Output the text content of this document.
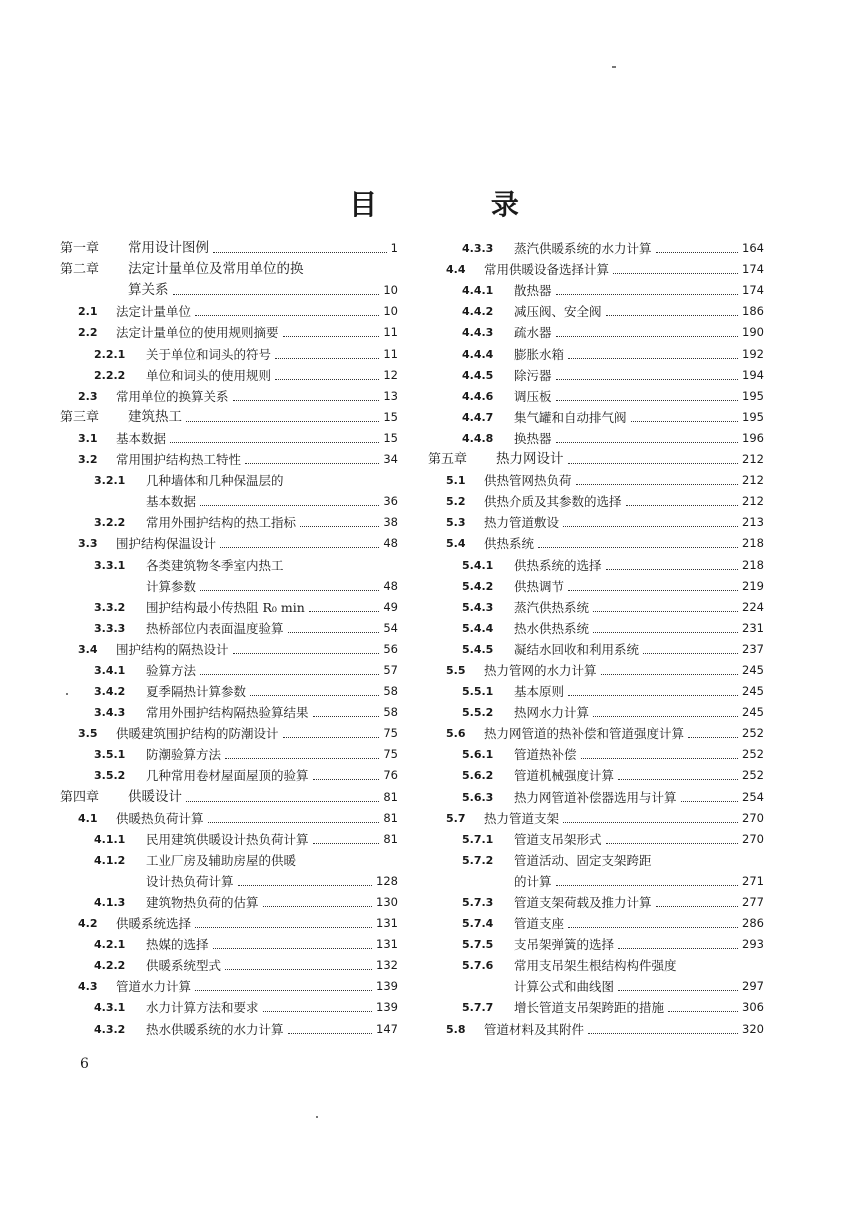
目 录
第一章	常用设计图例	1
第二章	法定计量单位及常用单位的换
算关系	10
2.1	法定计量单位	10
2.2	法定计量单位的使用规则摘要	11
2.2.1	关于单位和词头的符号	11
2.2.2	单位和词头的使用规则	12
2.3	常用单位的换算关系	13
第三章	建筑热工	15
3.1	基本数据	15
3.2	常用围护结构热工特性	34
3.2.1	几种墙体和几种保温层的
基本数据	36
3.2.2	常用外围护结构的热工指标	38
3.3	围护结构保温设计	48
3.3.1	各类建筑物冬季室内热工
计算参数	48
3.3.2	围护结构最小传热阻 R₀ min	49
3.3.3	热桥部位内表面温度验算	54
3.4	围护结构的隔热设计	56
3.4.1	验算方法	57
3.4.2	夏季隔热计算参数	58
3.4.3	常用外围护结构隔热验算结果	58
3.5	供暖建筑围护结构的防潮设计	75
3.5.1	防潮验算方法	75
3.5.2	几种常用卷材屋面屋顶的验算	76
第四章	供暖设计	81
4.1	供暖热负荷计算	81
4.1.1	民用建筑供暖设计热负荷计算	81
4.1.2	工业厂房及辅助房屋的供暖
设计热负荷计算	128
4.1.3	建筑物热负荷的估算	130
4.2	供暖系统选择	131
4.2.1	热媒的选择	131
4.2.2	供暖系统型式	132
4.3	管道水力计算	139
4.3.1	水力计算方法和要求	139
4.3.2	热水供暖系统的水力计算	147
4.3.3	蒸汽供暖系统的水力计算	164
4.4	常用供暖设备选择计算	174
4.4.1	散热器	174
4.4.2	减压阀、安全阀	186
4.4.3	疏水器	190
4.4.4	膨胀水箱	192
4.4.5	除污器	194
4.4.6	调压板	195
4.4.7	集气罐和自动排气阀	195
4.4.8	换热器	196
第五章	热力网设计	212
5.1	供热管网热负荷	212
5.2	供热介质及其参数的选择	212
5.3	热力管道敷设	213
5.4	供热系统	218
5.4.1	供热系统的选择	218
5.4.2	供热调节	219
5.4.3	蒸汽供热系统	224
5.4.4	热水供热系统	231
5.4.5	凝结水回收和利用系统	237
5.5	热力管网的水力计算	245
5.5.1	基本原则	245
5.5.2	热网水力计算	245
5.6	热力网管道的热补偿和管道强度计算	252
5.6.1	管道热补偿	252
5.6.2	管道机械强度计算	252
5.6.3	热力网管道补偿器选用与计算	254
5.7	热力管道支架	270
5.7.1	管道支吊架形式	270
5.7.2	管道活动、固定支架跨距
的计算	271
5.7.3	管道支架荷载及推力计算	277
5.7.4	管道支座	286
5.7.5	支吊架弹簧的选择	293
5.7.6	常用支吊架生根结构构件强度
计算公式和曲线图	297
5.7.7	增长管道支吊架跨距的措施	306
5.8	管道材料及其附件	320
6
